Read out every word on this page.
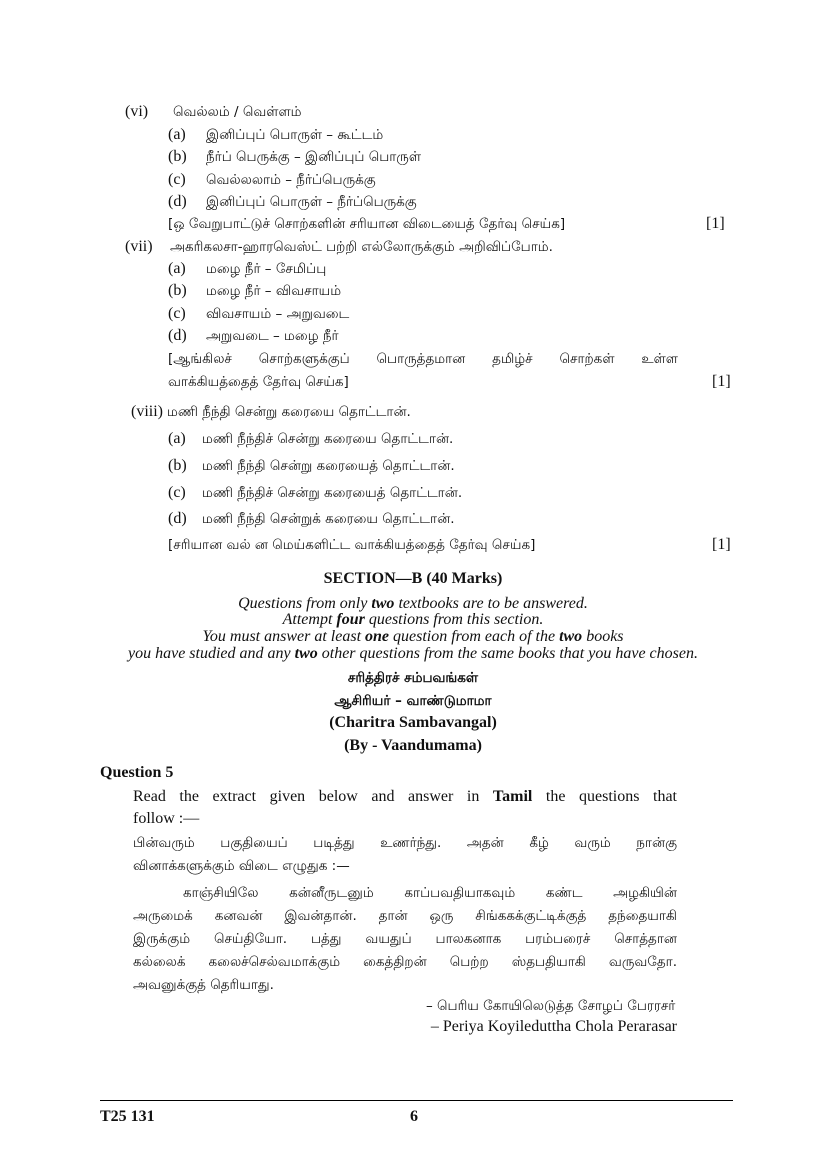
(vi) வெல்லம் / வெள்ளம்
(a) இனிப்புப் பொருள் – கூட்டம்
(b) நீர்ப் பெருக்கு – இனிப்புப் பொருள்
(c) வெல்லலாம் – நீர்ப்பெருக்கு
(d) இனிப்புப் பொருள் – நீர்ப்பெருக்கு
[ஒ வேறுபாட்டுச் சொற்களின் சரியான விடையைத் தேர்வு செய்க]	[1]
(vii) அகரிகலசா-ஹாரவெஸ்ட் பற்றி எல்லோருக்கும் அறிவிப்போம்.
(a) மழை நீர் – சேமிப்பு
(b) மழை நீர் – விவசாயம்
(c) விவசாயம் – அறுவடை
(d) அறுவடை – மழை நீர்
[ஆங்கிலச் சொற்களுக்குப் பொருத்தமான தமிழ்ச் சொற்கள் உள்ள
வாக்கியத்தைத் தேர்வு செய்க]	[1]
(viii) மணி நீந்தி சென்று கரையை தொட்டான்.
(a) மணி நீந்திச் சென்று கரையை தொட்டான்.
(b) மணி நீந்தி சென்று கரையைத் தொட்டான்.
(c) மணி நீந்திச் சென்று கரையைத் தொட்டான்.
(d) மணி நீந்தி சென்றுக் கரையை தொட்டான்.
[சரியான வல் ன மெய்களிட்ட வாக்கியத்தைத் தேர்வு செய்க]	[1]
SECTION—B (40 Marks)
Questions from only two textbooks are to be answered.
Attempt four questions from this section.
You must answer at least one question from each of the two books
you have studied and any two other questions from the same books that you have chosen.
சரித்திரச் சம்பவங்கள்
ஆசிரியர் – வாண்டுமாமா
(Charitra Sambavangal)
(By - Vaandumama)
Question 5
Read the extract given below and answer in Tamil the questions that
follow :—
பின்வரும் பகுதியைப் படித்து உணர்ந்து. அதன் கீழ் வரும் நான்கு
வினாக்களுக்கும் விடை எழுதுக :—
காஞ்சியிலே கன்னீருடனும் காப்பவதியாகவும் கண்ட அழகியின்
அருமைக் கனவன் இவன்தான். தான் ஒரு சிங்ககக்குட்டிக்குத் தந்தையாகி
இருக்கும் செய்தியோ. பத்து வயதுப் பாலகனாக பரம்பரைச் சொத்தான
கல்லைக் கலைச்செல்வமாக்கும் கைத்திறன் பெற்ற ஸ்தபதியாகி வருவதோ.
அவனுக்குத் தெரியாது.
– பெரிய கோயிலெடுத்த சோழப் பேரரசா்
– Periya Koyileduttha Chola Perarasar
T25 131	6
